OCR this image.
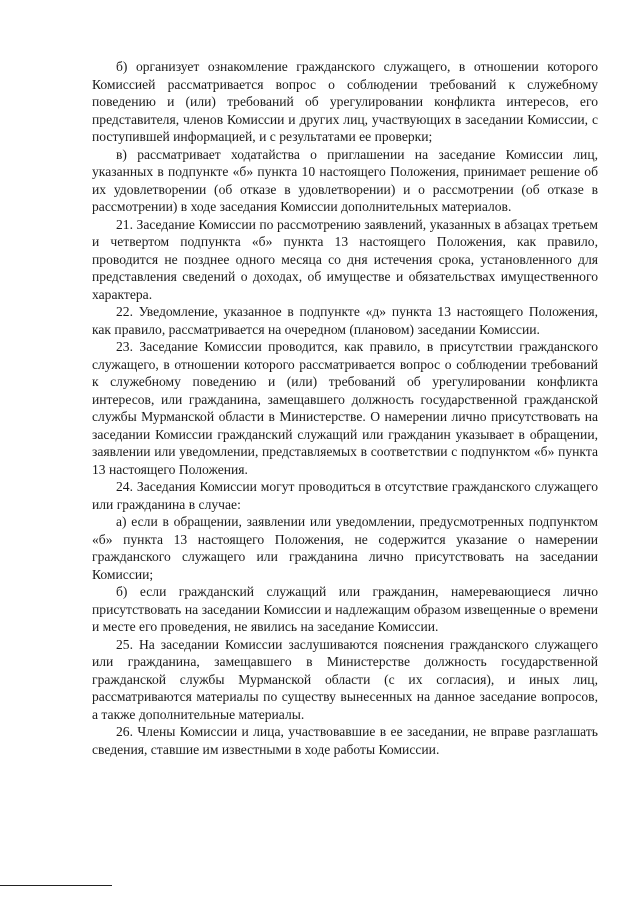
б) организует ознакомление гражданского служащего, в отношении которого Комиссией рассматривается вопрос о соблюдении требований к служебному поведению и (или) требований об урегулировании конфликта интересов, его представителя, членов Комиссии и других лиц, участвующих в заседании Комиссии, с поступившей информацией, и с результатами ее проверки;

в) рассматривает ходатайства о приглашении на заседание Комиссии лиц, указанных в подпункте «б» пункта 10 настоящего Положения, принимает решение об их удовлетворении (об отказе в удовлетворении) и о рассмотрении (об отказе в рассмотрении) в ходе заседания Комиссии дополнительных материалов.

21. Заседание Комиссии по рассмотрению заявлений, указанных в абзацах третьем и четвертом подпункта «б» пункта 13 настоящего Положения, как правило, проводится не позднее одного месяца со дня истечения срока, установленного для представления сведений о доходах, об имуществе и обязательствах имущественного характера.

22. Уведомление, указанное в подпункте «д» пункта 13 настоящего Положения, как правило, рассматривается на очередном (плановом) заседании Комиссии.

23. Заседание Комиссии проводится, как правило, в присутствии гражданского служащего, в отношении которого рассматривается вопрос о соблюдении требований к служебному поведению и (или) требований об урегулировании конфликта интересов, или гражданина, замещавшего должность государственной гражданской службы Мурманской области в Министерстве. О намерении лично присутствовать на заседании Комиссии гражданский служащий или гражданин указывает в обращении, заявлении или уведомлении, представляемых в соответствии с подпунктом «б» пункта 13 настоящего Положения.

24. Заседания Комиссии могут проводиться в отсутствие гражданского служащего или гражданина в случае:

а) если в обращении, заявлении или уведомлении, предусмотренных подпунктом «б» пункта 13 настоящего Положения, не содержится указание о намерении гражданского служащего или гражданина лично присутствовать на заседании Комиссии;

б) если гражданский служащий или гражданин, намеревающиеся лично присутствовать на заседании Комиссии и надлежащим образом извещенные о времени и месте его проведения, не явились на заседание Комиссии.

25. На заседании Комиссии заслушиваются пояснения гражданского служащего или гражданина, замещавшего в Министерстве должность государственной гражданской службы Мурманской области (с их согласия), и иных лиц, рассматриваются материалы по существу вынесенных на данное заседание вопросов, а также дополнительные материалы.

26. Члены Комиссии и лица, участвовавшие в ее заседании, не вправе разглашать сведения, ставшие им известными в ходе работы Комиссии.
